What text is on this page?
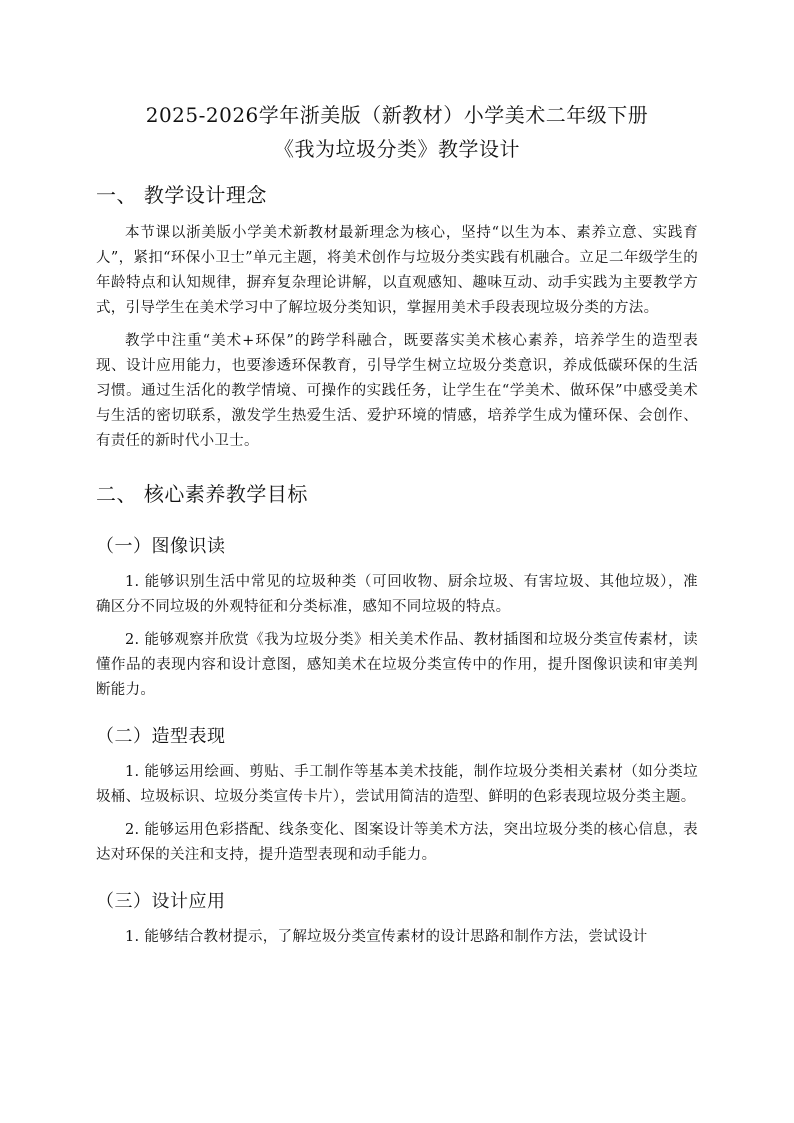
2025-2026学年浙美版（新教材）小学美术二年级下册

《我为垃圾分类》教学设计

一、 教学设计理念

本节课以浙美版小学美术新教材最新理念为核心，坚持“以生为本、素养立意、实践育人”，紧扣“环保小卫士”单元主题，将美术创作与垃圾分类实践有机融合。立足二年级学生的年龄特点和认知规律，摒弃复杂理论讲解，以直观感知、趣味互动、动手实践为主要教学方式，引导学生在美术学习中了解垃圾分类知识，掌握用美术手段表现垃圾分类的方法。

教学中注重“美术+环保”的跨学科融合，既要落实美术核心素养，培养学生的造型表现、设计应用能力，也要渗透环保教育，引导学生树立垃圾分类意识，养成低碳环保的生活习惯。通过生活化的教学情境、可操作的实践任务，让学生在“学美术、做环保”中感受美术与生活的密切联系，激发学生热爱生活、爱护环境的情感，培养学生成为懂环保、会创作、有责任的新时代小卫士。

二、 核心素养教学目标
（一）图像识读

1. 能够识别生活中常见的垃圾种类（可回收物、厨余垃圾、有害垃圾、其他垃圾），准确区分不同垃圾的外观特征和分类标准，感知不同垃圾的特点。

2. 能够观察并欣赏《我为垃圾分类》相关美术作品、教材插图和垃圾分类宣传素材，读懂作品的表现内容和设计意图，感知美术在垃圾分类宣传中的作用，提升图像识读和审美判断能力。

（二）造型表现

1. 能够运用绘画、剪贴、手工制作等基本美术技能，制作垃圾分类相关素材（如分类垃圾桶、垃圾标识、垃圾分类宣传卡片），尝试用简洁的造型、鲜明的色彩表现垃圾分类主题。

2. 能够运用色彩搭配、线条变化、图案设计等美术方法，突出垃圾分类的核心信息，表达对环保的关注和支持，提升造型表现和动手能力。

（三）设计应用

1. 能够结合教材提示，了解垃圾分类宣传素材的设计思路和制作方法，尝试设计
